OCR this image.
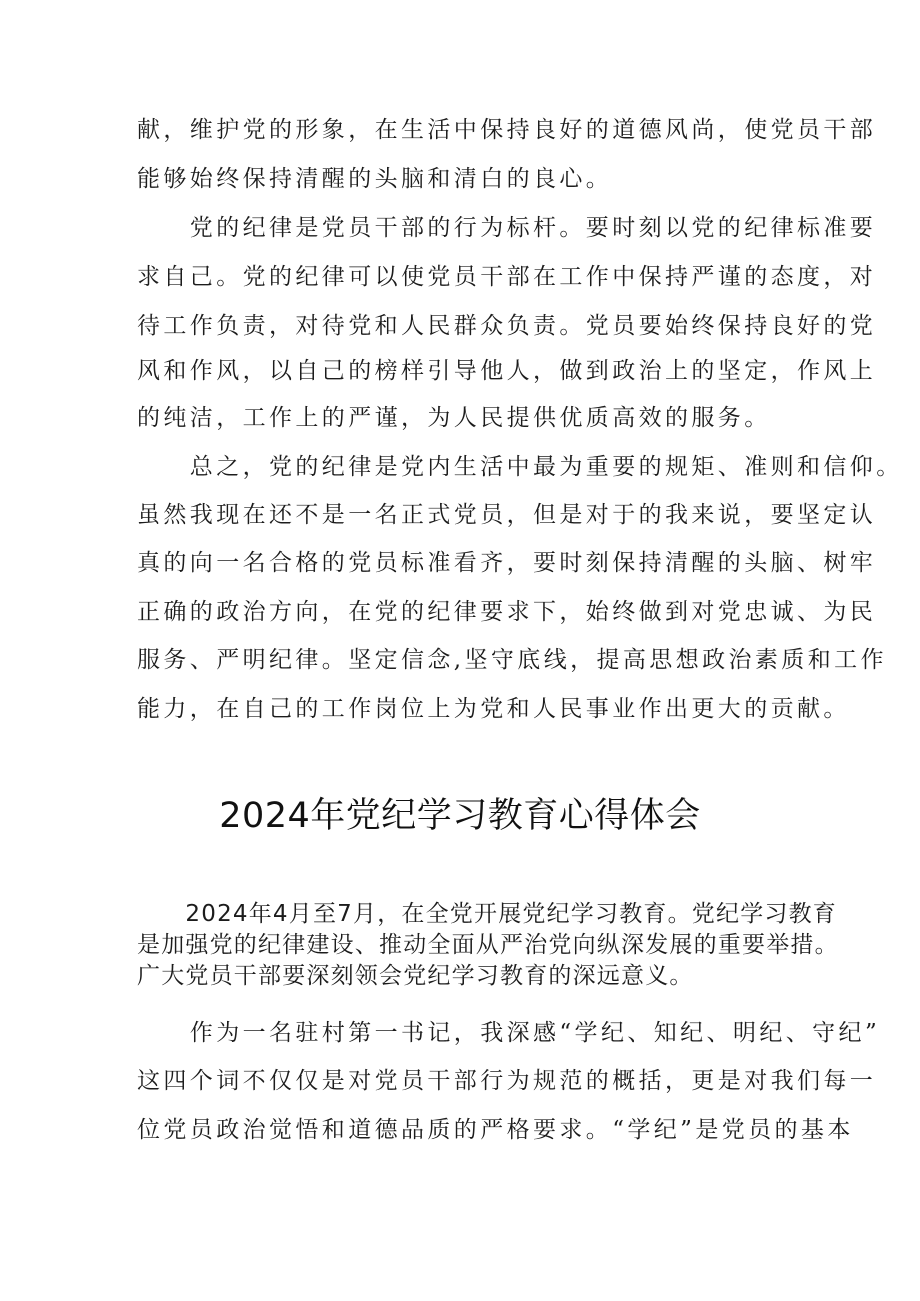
献，维护党的形象，在生活中保持良好的道德风尚，使党员干部
能够始终保持清醒的头脑和清白的良心。
　　党的纪律是党员干部的行为标杆。要时刻以党的纪律标准要
求自己。党的纪律可以使党员干部在工作中保持严谨的态度，对
待工作负责，对待党和人民群众负责。党员要始终保持良好的党
风和作风，以自己的榜样引导他人，做到政治上的坚定，作风上
的纯洁，工作上的严谨，为人民提供优质高效的服务。
　　总之，党的纪律是党内生活中最为重要的规矩、准则和信仰。
虽然我现在还不是一名正式党员，但是对于的我来说，要坚定认
真的向一名合格的党员标准看齐，要时刻保持清醒的头脑、树牢
正确的政治方向，在党的纪律要求下，始终做到对党忠诚、为民
服务、严明纪律。坚定信念,坚守底线，提高思想政治素质和工作
能力，在自己的工作岗位上为党和人民事业作出更大的贡献。
2024年党纪学习教育心得体会
　　2024年4月至7月，在全党开展党纪学习教育。党纪学习教育
是加强党的纪律建设、推动全面从严治党向纵深发展的重要举措。
广大党员干部要深刻领会党纪学习教育的深远意义。
　　作为一名驻村第一书记，我深感“学纪、知纪、明纪、守纪”
这四个词不仅仅是对党员干部行为规范的概括，更是对我们每一
位党员政治觉悟和道德品质的严格要求。“学纪”是党员的基本
